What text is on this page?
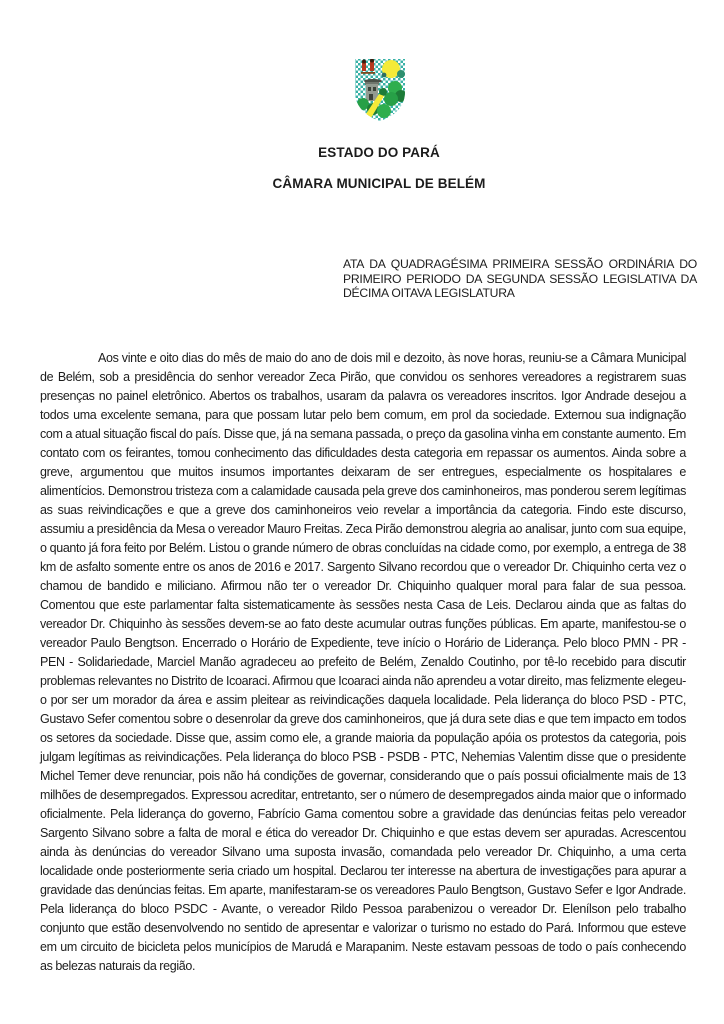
ESTADO DO PARÁ
CÂMARA MUNICIPAL DE BELÉM
ATA DA QUADRAGÉSIMA PRIMEIRA SESSÃO ORDINÁRIA DO PRIMEIRO PERIODO DA SEGUNDA SESSÃO LEGISLATIVA DA DÉCIMA OITAVA LEGISLATURA

Aos vinte e oito dias do mês de maio do ano de dois mil e dezoito, às nove horas, reuniu-se a Câmara Municipal de Belém, sob a presidência do senhor vereador Zeca Pirão, que convidou os senhores vereadores a registrarem suas presenças no painel eletrônico. Abertos os trabalhos, usaram da palavra os vereadores inscritos. Igor Andrade desejou a todos uma excelente semana, para que possam lutar pelo bem comum, em prol da sociedade. Externou sua indignação com a atual situação fiscal do país. Disse que, já na semana passada, o preço da gasolina vinha em constante aumento. Em contato com os feirantes, tomou conhecimento das dificuldades desta categoria em repassar os aumentos. Ainda sobre a greve, argumentou que muitos insumos importantes deixaram de ser entregues, especialmente os hospitalares e alimentícios. Demonstrou tristeza com a calamidade causada pela greve dos caminhoneiros, mas ponderou serem legítimas as suas reivindicações e que a greve dos caminhoneiros veio revelar a importância da categoria. Findo este discurso, assumiu a presidência da Mesa o vereador Mauro Freitas. Zeca Pirão demonstrou alegria ao analisar, junto com sua equipe, o quanto já fora feito por Belém. Listou o grande número de obras concluídas na cidade como, por exemplo, a entrega de 38 km de asfalto somente entre os anos de 2016 e 2017. Sargento Silvano recordou que o vereador Dr. Chiquinho certa vez o chamou de bandido e miliciano. Afirmou não ter o vereador Dr. Chiquinho qualquer moral para falar de sua pessoa. Comentou que este parlamentar falta sistematicamente às sessões nesta Casa de Leis. Declarou ainda que as faltas do vereador Dr. Chiquinho às sessões devem-se ao fato deste acumular outras funções públicas. Em aparte, manifestou-se o vereador Paulo Bengtson. Encerrado o Horário de Expediente, teve início o Horário de Liderança. Pelo bloco PMN - PR - PEN - Solidariedade, Marciel Manão agradeceu ao prefeito de Belém, Zenaldo Coutinho, por tê-lo recebido para discutir problemas relevantes no Distrito de Icoaraci. Afirmou que Icoaraci ainda não aprendeu a votar direito, mas felizmente elegeu-o por ser um morador da área e assim pleitear as reivindicações daquela localidade. Pela liderança do bloco PSD - PTC, Gustavo Sefer comentou sobre o desenrolar da greve dos caminhoneiros, que já dura sete dias e que tem impacto em todos os setores da sociedade. Disse que, assim como ele, a grande maioria da população apóia os protestos da categoria, pois julgam legítimas as reivindicações. Pela liderança do bloco PSB - PSDB - PTC, Nehemias Valentim disse que o presidente Michel Temer deve renunciar, pois não há condições de governar, considerando que o país possui oficialmente mais de 13 milhões de desempregados. Expressou acreditar, entretanto, ser o número de desempregados ainda maior que o informado oficialmente. Pela liderança do governo, Fabrício Gama comentou sobre a gravidade das denúncias feitas pelo vereador Sargento Silvano sobre a falta de moral e ética do vereador Dr. Chiquinho e que estas devem ser apuradas. Acrescentou ainda às denúncias do vereador Silvano uma suposta invasão, comandada pelo vereador Dr. Chiquinho, a uma certa localidade onde posteriormente seria criado um hospital. Declarou ter interesse na abertura de investigações para apurar a gravidade das denúncias feitas. Em aparte, manifestaram-se os vereadores Paulo Bengtson, Gustavo Sefer e Igor Andrade. Pela liderança do bloco PSDC - Avante, o vereador Rildo Pessoa parabenizou o vereador Dr. Elenílson pelo trabalho conjunto que estão desenvolvendo no sentido de apresentar e valorizar o turismo no estado do Pará. Informou que esteve em um circuito de bicicleta pelos municípios de Marudá e Marapanim. Neste estavam pessoas de todo o país conhecendo as belezas naturais da região.
